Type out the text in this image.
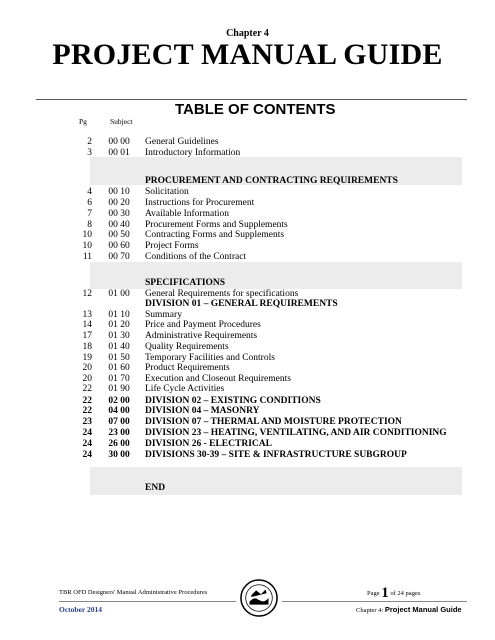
Chapter 4
PROJECT MANUAL GUIDE
TABLE OF CONTENTS
Pg	Subject
2	00 00	General Guidelines
3	00 01	Introductory Information
PROCUREMENT AND CONTRACTING REQUIREMENTS
4	00 10	Solicitation
6	00 20	Instructions for Procurement
7	00 30	Available Information
8	00 40	Procurement Forms and Supplements
10	00 50	Contracting Forms and Supplements
10	00 60	Project Forms
11	00 70	Conditions of the Contract
SPECIFICATIONS
12	01 00	General Requirements for specifications
DIVISION 01 – GENERAL REQUIREMENTS
13	01 10	Summary
14	01 20	Price and Payment Procedures
17	01 30	Administrative Requirements
18	01 40	Quality Requirements
19	01 50	Temporary Facilities and Controls
20	01 60	Product Requirements
20	01 70	Execution and Closeout Requirements
22	01 90	Life Cycle Activities
22	02 00	DIVISION 02 – EXISTING CONDITIONS
22	04 00	DIVISION 04 – MASONRY
23	07 00	DIVISION 07 – THERMAL AND MOISTURE PROTECTION
24	23 00	DIVISION 23 – HEATING, VENTILATING, AND AIR CONDITIONING
24	26 00	DIVISION 26 - ELECTRICAL
24	30 00	DIVISIONS 30-39 – SITE & INFRASTRUCTURE SUBGROUP
END
TBR OFD Designers' Manual Administrative Procedures
October 2014
Page 1 of 24 pages
Chapter 4: Project Manual Guide
